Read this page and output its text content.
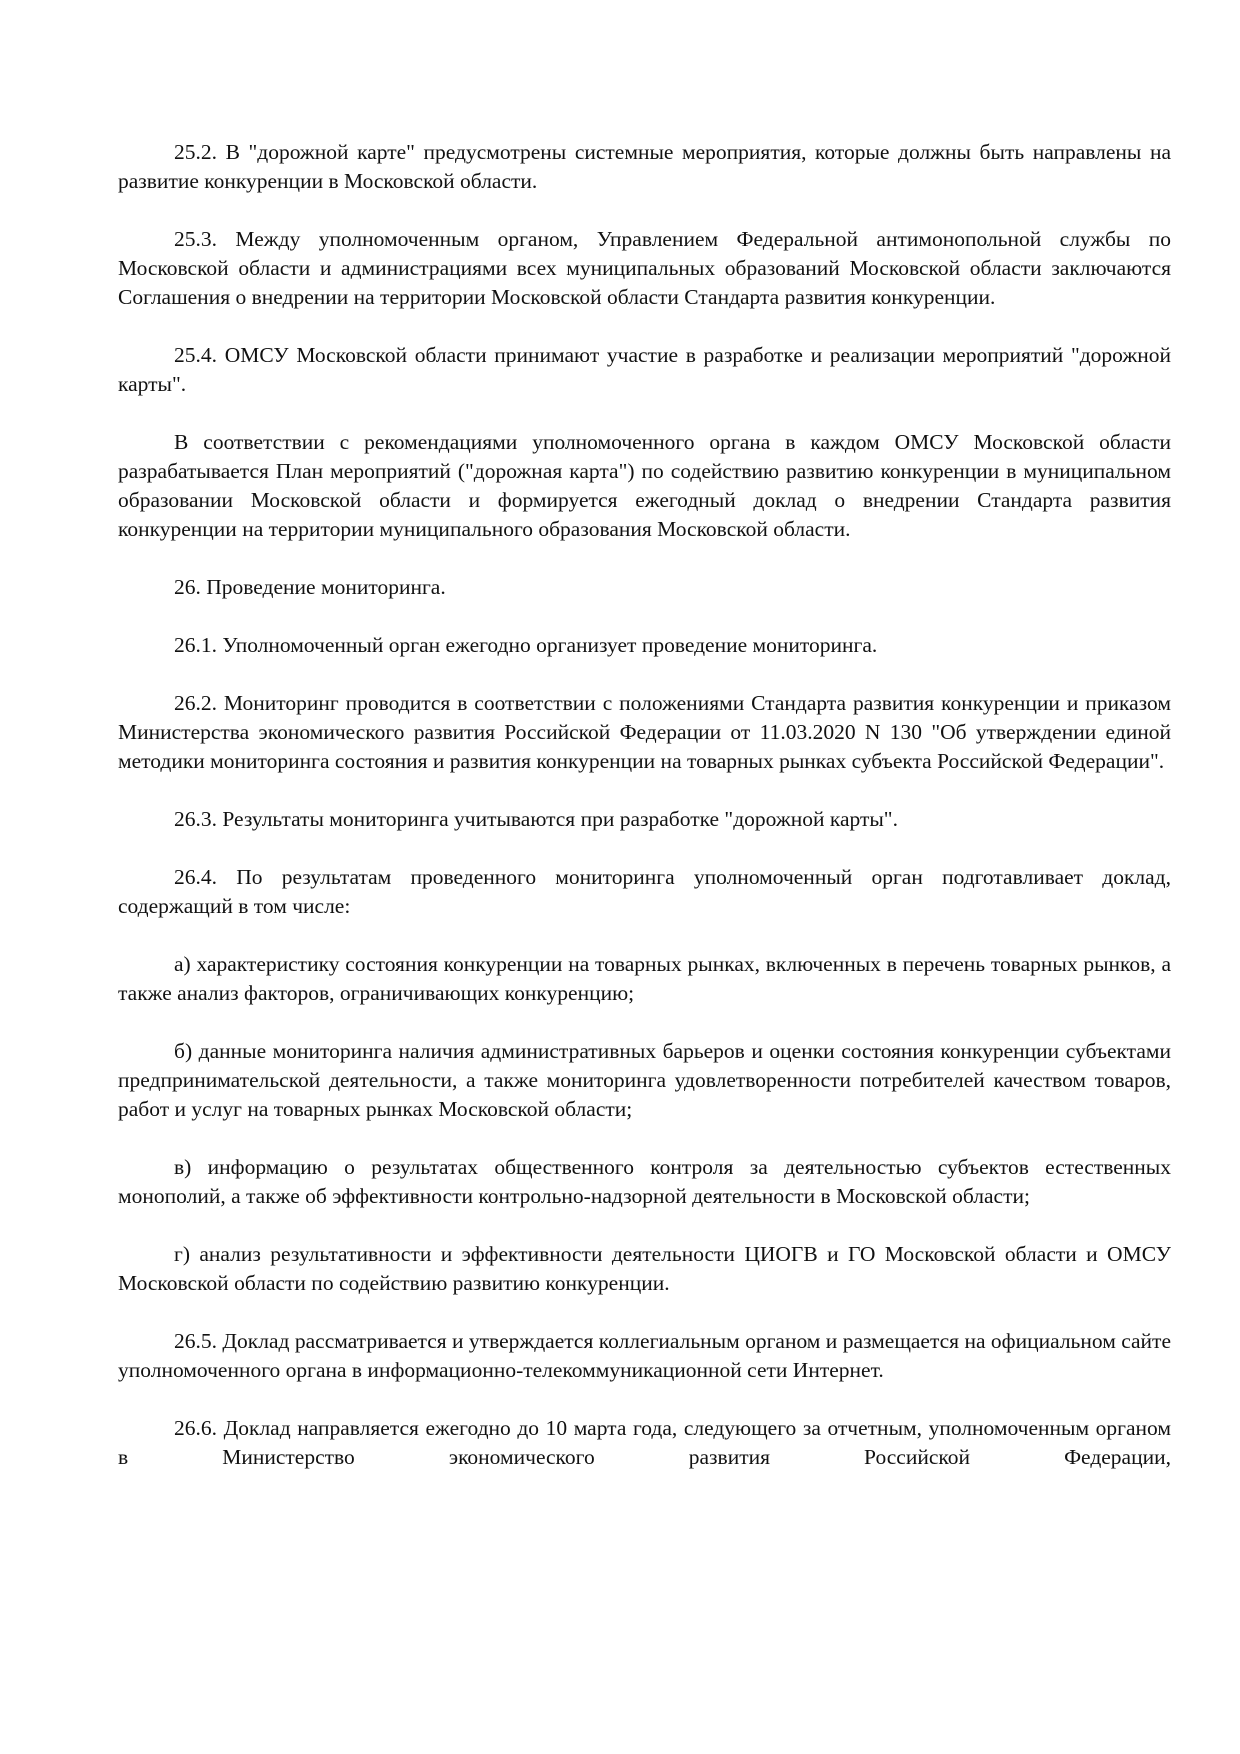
25.2. В "дорожной карте" предусмотрены системные мероприятия, которые должны быть направлены на развитие конкуренции в Московской области.

25.3. Между уполномоченным органом, Управлением Федеральной антимонопольной службы по Московской области и администрациями всех муниципальных образований Московской области заключаются Соглашения о внедрении на территории Московской области Стандарта развития конкуренции.

25.4. ОМСУ Московской области принимают участие в разработке и реализации мероприятий "дорожной карты".

В соответствии с рекомендациями уполномоченного органа в каждом ОМСУ Московской области разрабатывается План мероприятий ("дорожная карта") по содействию развитию конкуренции в муниципальном образовании Московской области и формируется ежегодный доклад о внедрении Стандарта развития конкуренции на территории муниципального образования Московской области.

26. Проведение мониторинга.

26.1. Уполномоченный орган ежегодно организует проведение мониторинга.

26.2. Мониторинг проводится в соответствии с положениями Стандарта развития конкуренции и приказом Министерства экономического развития Российской Федерации от 11.03.2020 N 130 "Об утверждении единой методики мониторинга состояния и развития конкуренции на товарных рынках субъекта Российской Федерации".

26.3. Результаты мониторинга учитываются при разработке "дорожной карты".

26.4. По результатам проведенного мониторинга уполномоченный орган подготавливает доклад, содержащий в том числе:

а) характеристику состояния конкуренции на товарных рынках, включенных в перечень товарных рынков, а также анализ факторов, ограничивающих конкуренцию;

б) данные мониторинга наличия административных барьеров и оценки состояния конкуренции субъектами предпринимательской деятельности, а также мониторинга удовлетворенности потребителей качеством товаров, работ и услуг на товарных рынках Московской области;

в) информацию о результатах общественного контроля за деятельностью субъектов естественных монополий, а также об эффективности контрольно-надзорной деятельности в Московской области;

г) анализ результативности и эффективности деятельности ЦИОГВ и ГО Московской области и ОМСУ Московской области по содействию развитию конкуренции.

26.5. Доклад рассматривается и утверждается коллегиальным органом и размещается на официальном сайте уполномоченного органа в информационно-телекоммуникационной сети Интернет.

26.6. Доклад направляется ежегодно до 10 марта года, следующего за отчетным, уполномоченным органом в Министерство экономического развития Российской Федерации,
